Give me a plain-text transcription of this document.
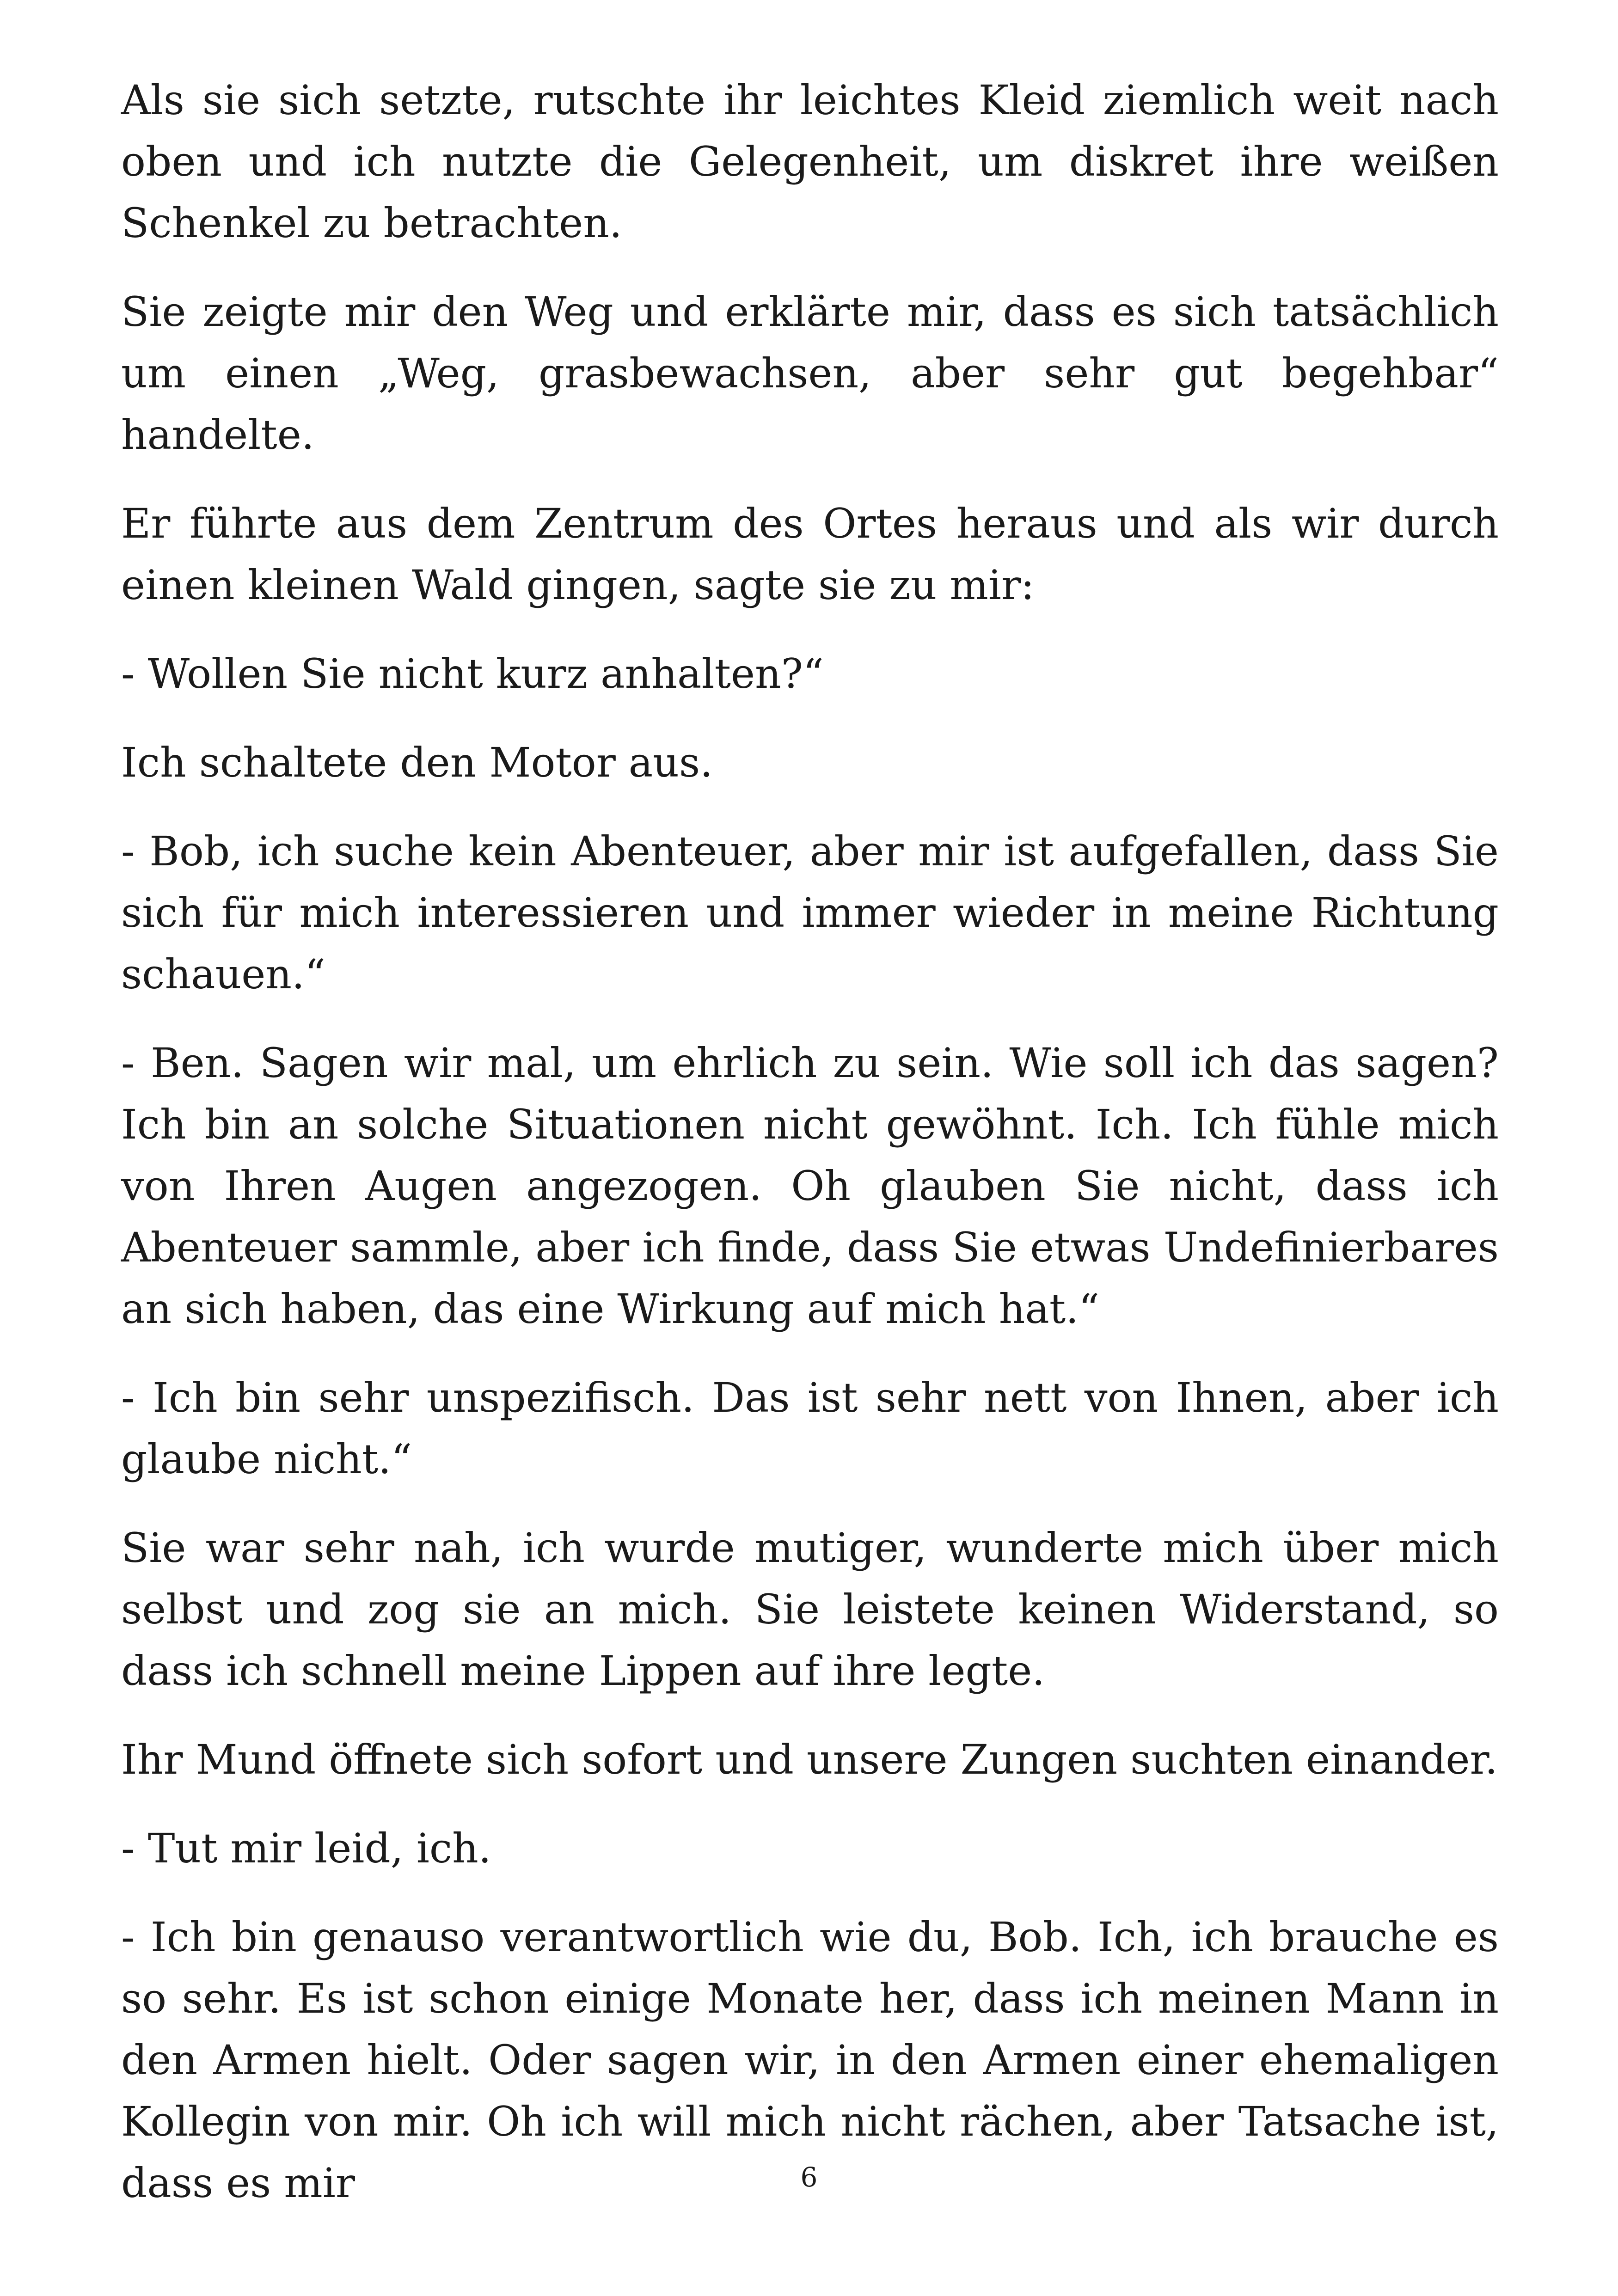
Als sie sich setzte, rutschte ihr leichtes Kleid ziemlich weit nach oben und ich nutzte die Gelegenheit, um diskret ihre weißen Schenkel zu betrachten.

Sie zeigte mir den Weg und erklärte mir, dass es sich tatsächlich um einen „Weg, grasbewachsen, aber sehr gut begehbar“ handelte.

Er führte aus dem Zentrum des Ortes heraus und als wir durch einen kleinen Wald gingen, sagte sie zu mir:

- Wollen Sie nicht kurz anhalten?“

Ich schaltete den Motor aus.

- Bob, ich suche kein Abenteuer, aber mir ist aufgefallen, dass Sie sich für mich interessieren und immer wieder in meine Richtung schauen.“

- Ben. Sagen wir mal, um ehrlich zu sein. Wie soll ich das sagen? Ich bin an solche Situationen nicht gewöhnt. Ich. Ich fühle mich von Ihren Augen angezogen. Oh glauben Sie nicht, dass ich Abenteuer sammle, aber ich finde, dass Sie etwas Undefinierbares an sich haben, das eine Wirkung auf mich hat.“

- Ich bin sehr unspezifisch. Das ist sehr nett von Ihnen, aber ich glaube nicht.“

Sie war sehr nah, ich wurde mutiger, wunderte mich über mich selbst und zog sie an mich. Sie leistete keinen Widerstand, so dass ich schnell meine Lippen auf ihre legte.

Ihr Mund öffnete sich sofort und unsere Zungen suchten einander.

- Tut mir leid, ich.

- Ich bin genauso verantwortlich wie du, Bob. Ich, ich brauche es so sehr. Es ist schon einige Monate her, dass ich meinen Mann in den Armen hielt. Oder sagen wir, in den Armen einer ehemaligen Kollegin von mir. Oh ich will mich nicht rächen, aber Tatsache ist, dass es mir	6
